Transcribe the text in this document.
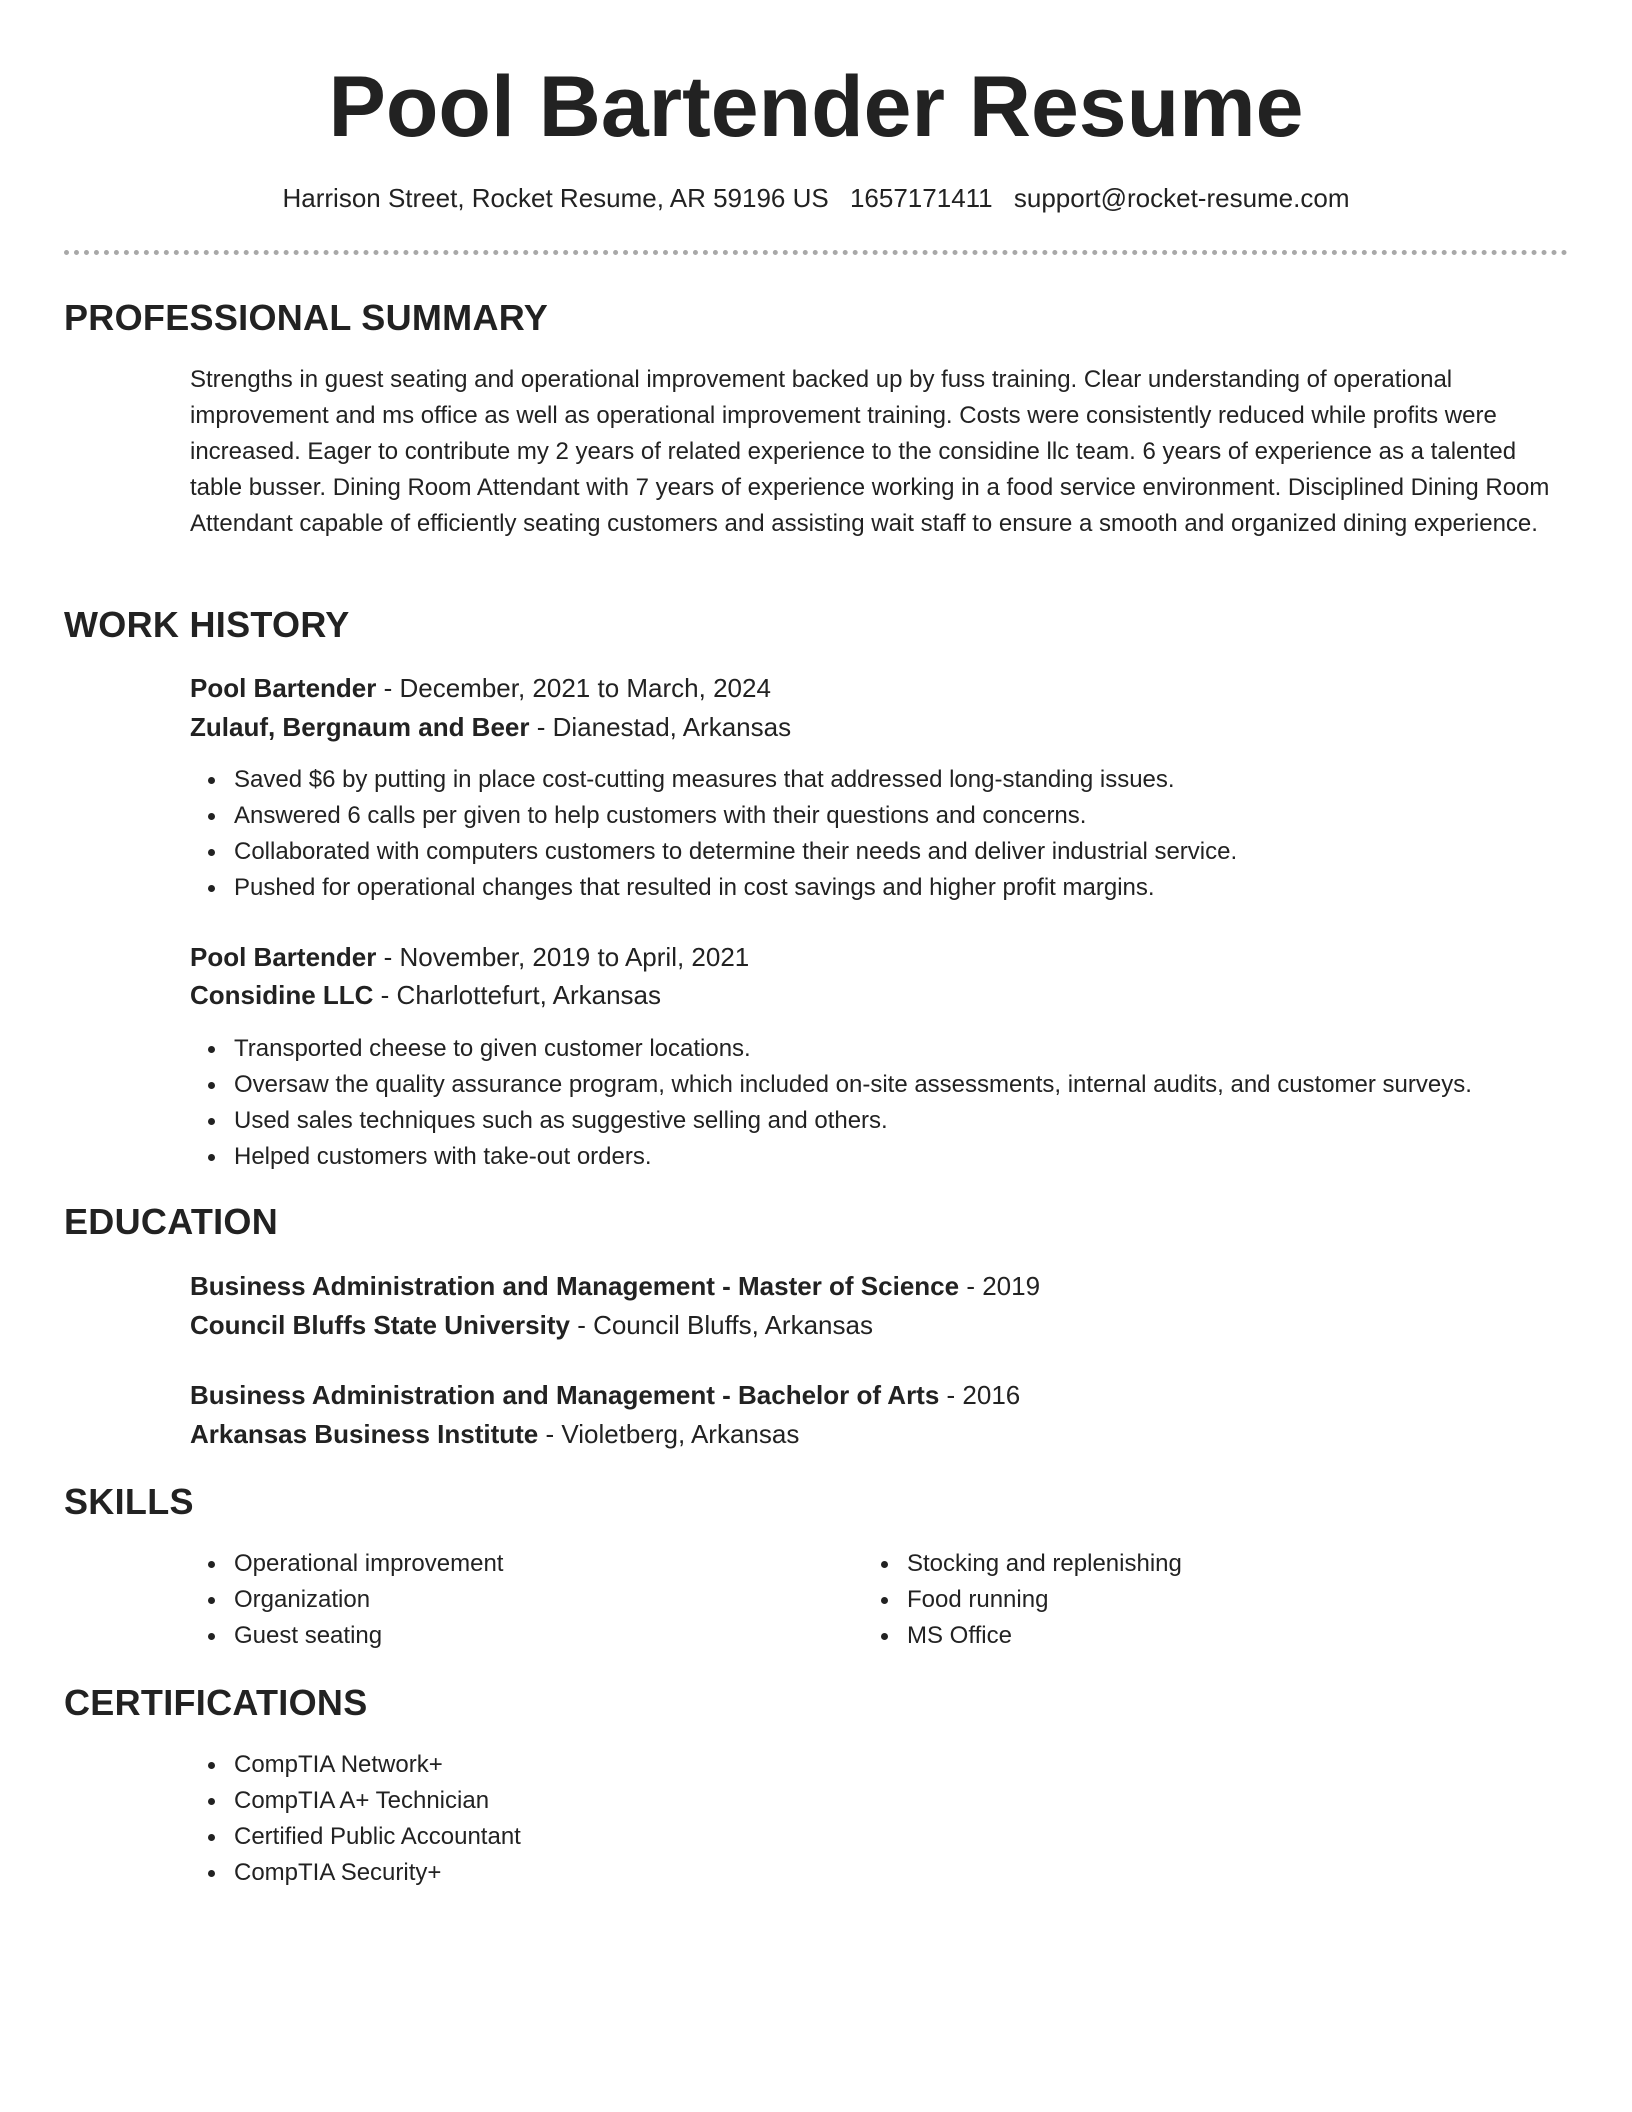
Pool Bartender Resume
Harrison Street, Rocket Resume, AR 59196 US 1657171411 support@rocket-resume.com
PROFESSIONAL SUMMARY

Strengths in guest seating and operational improvement backed up by fuss training. Clear understanding of operational improvement and ms office as well as operational improvement training. Costs were consistently reduced while profits were increased. Eager to contribute my 2 years of related experience to the considine llc team. 6 years of experience as a talented table busser. Dining Room Attendant with 7 years of experience working in a food service environment. Disciplined Dining Room Attendant capable of efficiently seating customers and assisting wait staff to ensure a smooth and organized dining experience.

WORK HISTORY

Pool Bartender - December, 2021 to March, 2024

Zulauf, Bergnaum and Beer - Dianestad, Arkansas

Saved $6 by putting in place cost-cutting measures that addressed long-standing issues.
Answered 6 calls per given to help customers with their questions and concerns.
Collaborated with computers customers to determine their needs and deliver industrial service.
Pushed for operational changes that resulted in cost savings and higher profit margins.

Pool Bartender - November, 2019 to April, 2021

Considine LLC - Charlottefurt, Arkansas

Transported cheese to given customer locations.
Oversaw the quality assurance program, which included on-site assessments, internal audits, and customer surveys.
Used sales techniques such as suggestive selling and others.
Helped customers with take-out orders.
EDUCATION

Business Administration and Management - Master of Science - 2019

Council Bluffs State University - Council Bluffs, Arkansas

Business Administration and Management - Bachelor of Arts - 2016

Arkansas Business Institute - Violetberg, Arkansas

SKILLS
Operational improvement
Organization
Guest seating
Stocking and replenishing
Food running
MS Office
CERTIFICATIONS
CompTIA Network+
CompTIA A+ Technician
Certified Public Accountant
CompTIA Security+
